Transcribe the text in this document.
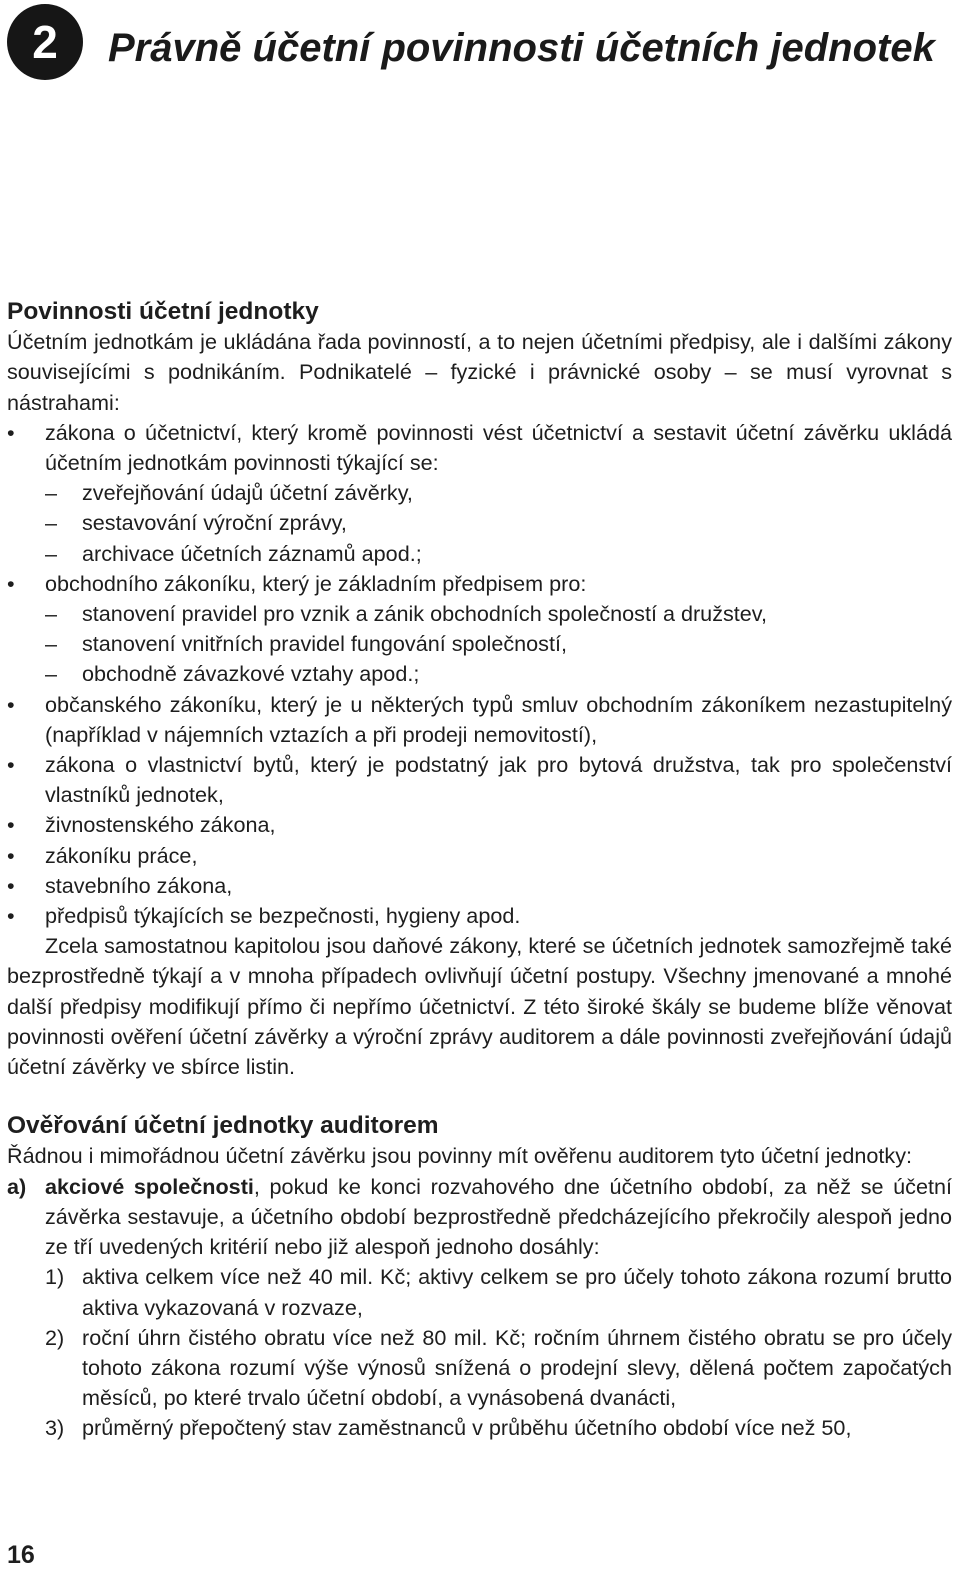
2	Právně účetní povinnosti účetních jednotek
Povinnosti účetní jednotky

Účetním jednotkám je ukládána řada povinností, a to nejen účetními předpisy, ale i dalšími zákony souvisejícími s podnikáním. Podnikatelé – fyzické i právnické osoby – se musí vyrovnat s nástrahami:

• zákona o účetnictví, který kromě povinnosti vést účetnictví a sestavit účetní závěrku ukládá účetním jednotkám povinnosti týkající se:
– zveřejňování údajů účetní závěrky,
– sestavování výroční zprávy,
– archivace účetních záznamů apod.;
• obchodního zákoníku, který je základním předpisem pro:
– stanovení pravidel pro vznik a zánik obchodních společností a družstev,
– stanovení vnitřních pravidel fungování společností,
– obchodně závazkové vztahy apod.;
• občanského zákoníku, který je u některých typů smluv obchodním zákoníkem nezastupitelný (například v nájemních vztazích a při prodeji nemovitostí),
• zákona o vlastnictví bytů, který je podstatný jak pro bytová družstva, tak pro společenství vlastníků jednotek,
• živnostenského zákona,
• zákoníku práce,
• stavebního zákona,
• předpisů týkajících se bezpečnosti, hygieny apod.

Zcela samostatnou kapitolou jsou daňové zákony, které se účetních jednotek samozřejmě také bezprostředně týkají a v mnoha případech ovlivňují účetní postupy. Všechny jmenované a mnohé další předpisy modifikují přímo či nepřímo účetnictví. Z této široké škály se budeme blíže věnovat povinnosti ověření účetní závěrky a výroční zprávy auditorem a dále povinnosti zveřejňování údajů účetní závěrky ve sbírce listin.

Ověřování účetní jednotky auditorem

Řádnou i mimořádnou účetní závěrku jsou povinny mít ověřenu auditorem tyto účetní jednotky:

a) akciové společnosti, pokud ke konci rozvahového dne účetního období, za něž se účetní závěrka sestavuje, a účetního období bezprostředně předcházejícího překročily alespoň jedno ze tří uvedených kritérií nebo již alespoň jednoho dosáhly:
1) aktiva celkem více než 40 mil. Kč; aktivy celkem se pro účely tohoto zákona rozumí brutto aktiva vykazovaná v rozvaze,
2) roční úhrn čistého obratu více než 80 mil. Kč; ročním úhrnem čistého obratu se pro účely tohoto zákona rozumí výše výnosů snížená o prodejní slevy, dělená počtem započatých měsíců, po které trvalo účetní období, a vynásobená dvanácti,
3) průměrný přepočtený stav zaměstnanců v průběhu účetního období více než 50,
16
